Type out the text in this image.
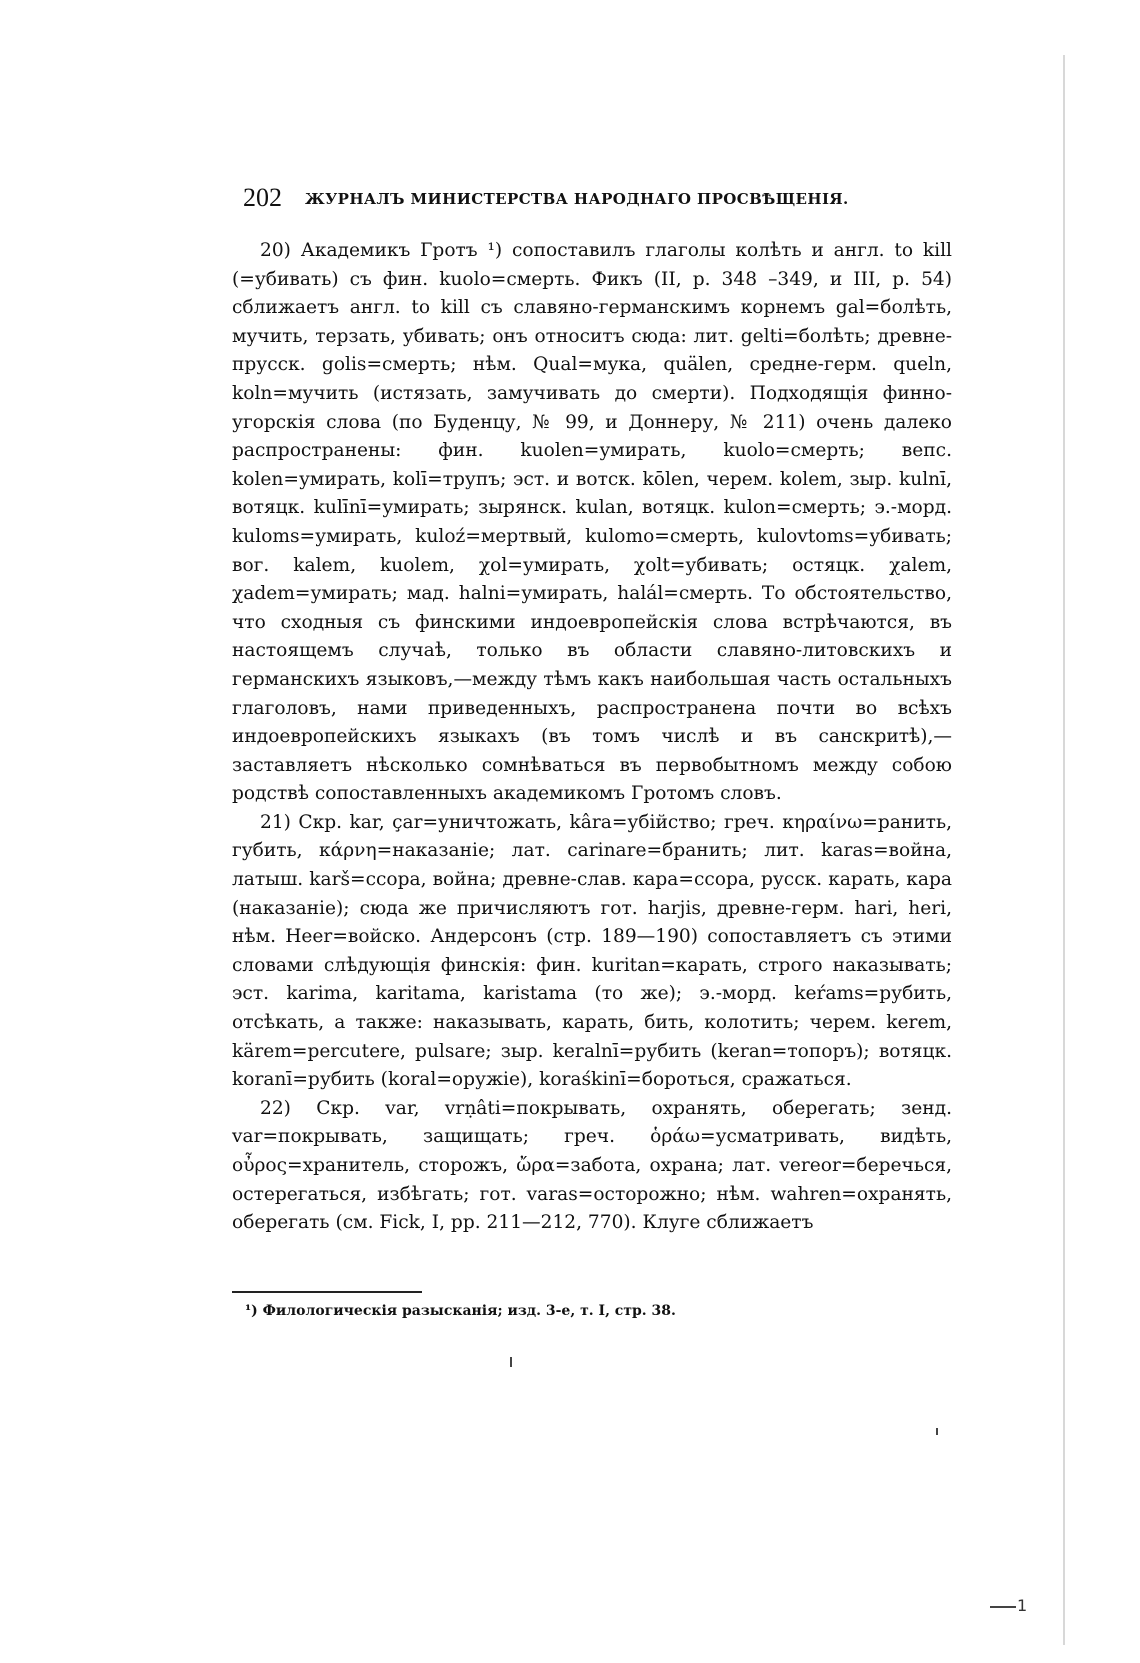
202 ЖУРНАЛЪ МИНИСТЕРСТВА НАРОДНАГО ПРОСВѢЩЕНІЯ.

20) Академикъ Гротъ ¹) сопоставилъ глаголы колѣть и англ. to kill (=убивать) съ фин. kuolo=смерть. Фикъ (II, p. 348 –349, и III, p. 54) сближаетъ англ. to kill съ славяно-германскимъ корнемъ gal=болѣть, мучить, терзать, убивать; онъ относитъ сюда: лит. gelti=болѣть; древне-прусск. golis=смерть; нѣм. Qual=мука, quälen, средне-герм. queln, koln=мучить (истязать, замучивать до смерти). Подходящія финно-угорскія слова (по Буденцу, № 99, и Доннеру, № 211) очень далеко распространены: фин. kuolen=умирать, kuolo=смерть; вепс. kolen=умирать, kolī=трупъ; эст. и вотск. kōlen, черем. kolem, зыр. kulnī, вотяцк. kulīnī=умирать; зырянск. kulan, вотяцк. kulon=смерть; э.-морд. kuloms=умирать, kuloź=мертвый, kulomo=смерть, kulovtoms=убивать; вог. kalem, kuolem, χol=умирать, χolt=убивать; остяцк. χalem, χadem=умирать; мад. halni=умирать, halál=смерть. То обстоятельство, что сходныя съ финскими индоевропейскія слова встрѣчаются, въ настоящемъ случаѣ, только въ области славяно-литовскихъ и германскихъ языковъ,—между тѣмъ какъ наибольшая часть остальныхъ глаголовъ, нами приведенныхъ, распространена почти во всѣхъ индоевропейскихъ языкахъ (въ томъ числѣ и въ санскритѣ),—заставляетъ нѣсколько сомнѣваться въ первобытномъ между собою родствѣ сопоставленныхъ академикомъ Гротомъ словъ.

21) Скр. kar, çar=уничтожать, kâra=убійство; греч. κηραίνω=ранить, губить, κάρνη=наказаніе; лат. carinare=бранить; лит. karas=война, латыш. karš=ссора, война; древне-слав. кара=ссора, русск. карать, кара (наказаніе); сюда же причисляютъ гот. harjis, древне-герм. hari, heri, нѣм. Heer=войско. Андерсонъ (стр. 189—190) сопоставляетъ съ этими словами слѣдующія финскія: фин. kuritan=карать, строго наказывать; эст. karima, karitama, karistama (то же); э.-морд. keŕams=рубить, отсѣкать, а также: наказывать, карать, бить, колотить; черем. kerem, kärem=percutere, pulsare; зыр. keralnī=рубить (keran=топоръ); вотяцк. koranī=рубить (koral=оружіе), koraśkinī=бороться, сражаться.

22) Скр. var, vrṇâti=покрывать, охранять, оберегать; зенд. var=покрывать, защищать; греч. ὁράω=усматривать, видѣть, οὖρος=хранитель, сторожъ, ὤρα=забота, охрана; лат. vereor=беречься, остерегаться, избѣгать; гот. varas=осторожно; нѣм. wahren=охранять, оберегать (см. Fick, I, pp. 211—212, 770). Клуге сближаетъ

¹) Филологическія разысканія; изд. 3-е, т. I, стр. 38.
1
